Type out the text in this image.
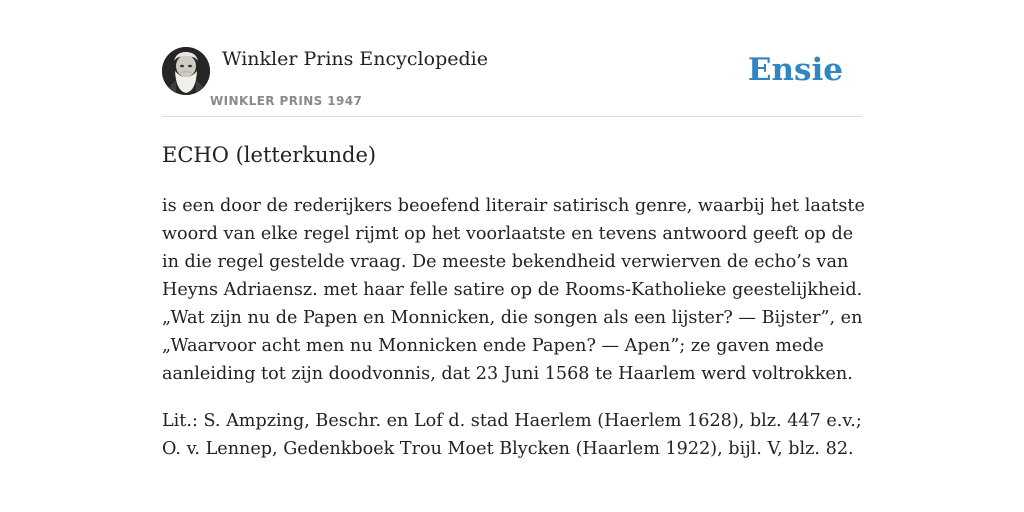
Winkler Prins Encyclopedie
WINKLER PRINS 1947
Ensie
ECHO (letterkunde)

is een door de rederijkers beoefend literair satirisch genre, waarbij het laatste woord van elke regel rijmt op het voorlaatste en tevens antwoord geeft op de in die regel gestelde vraag. De meeste bekendheid verwierven de echo’s van Heyns Adriaensz. met haar felle satire op de Rooms-Katholieke geestelijkheid. „Wat zijn nu de Papen en Monnicken, die songen als een lijster? — Bijster”, en „Waarvoor acht men nu Monnicken ende Papen? — Apen”; ze gaven mede aanleiding tot zijn doodvonnis, dat 23 Juni 1568 te Haarlem werd voltrokken.

Lit.: S. Ampzing, Beschr. en Lof d. stad Haerlem (Haerlem 1628), blz. 447 e.v.; O. v. Lennep, Gedenkboek Trou Moet Blycken (Haarlem 1922), bijl. V, blz. 82.
